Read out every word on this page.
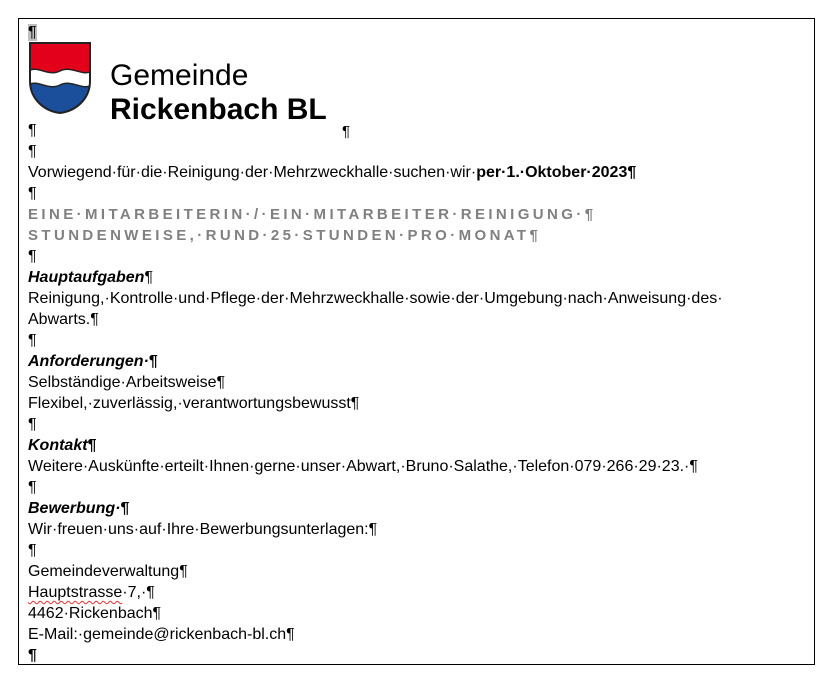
¶
Gemeinde
Rickenbach BL
¶
¶
¶
Vorwiegend·für·die·Reinigung·der·Mehrzweckhalle·suchen·wir·per·1.·Oktober·2023¶
¶
EINE·MITARBEITERIN·/·EIN·MITARBEITER·REINIGUNG·¶
STUNDENWEISE,·RUND·25·STUNDEN·PRO·MONAT¶
¶
Hauptaufgaben¶
Reinigung,·Kontrolle·und·Pflege·der·Mehrzweckhalle·sowie·der·Umgebung·nach·Anweisung·des·
Abwarts.¶
¶
Anforderungen·¶
Selbständige·Arbeitsweise¶
Flexibel,·zuverlässig,·verantwortungsbewusst¶
¶
Kontakt¶
Weitere·Auskünfte·erteilt·Ihnen·gerne·unser·Abwart,·Bruno·Salathe,·Telefon·079·266·29·23.·¶
¶
Bewerbung·¶
Wir·freuen·uns·auf·Ihre·Bewerbungsunterlagen:¶
¶
Gemeindeverwaltung¶
Hauptstrasse·7,·¶
4462·Rickenbach¶
E-Mail:·gemeinde@rickenbach-bl.ch¶
¶
